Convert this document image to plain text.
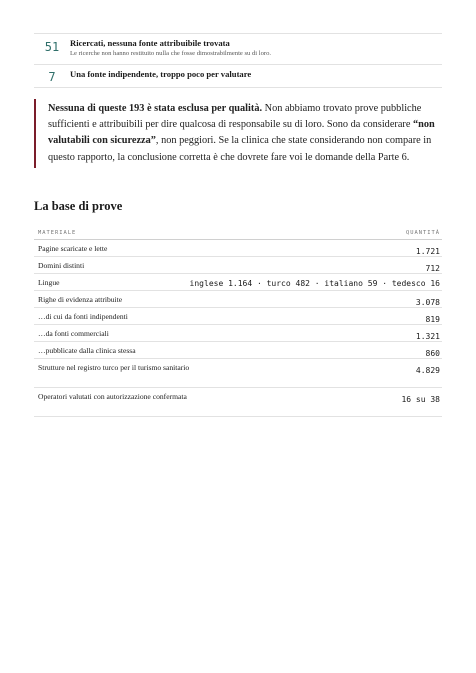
51	Ricercati, nessuna fonte attribuibile trovata
Le ricerche non hanno restituito nulla che fosse dimostrabilmente su di loro.
7	Una fonte indipendente, troppo poco per valutare
Nessuna di queste 193 è stata esclusa per qualità. Non abbiamo trovato prove pubbliche sufficienti e attribuibili per dire qualcosa di responsabile su di loro. Sono da considerare “non valutabili con sicurezza”, non peggiori. Se la clinica che state considerando non compare in questo rapporto, la conclusione corretta è che dovrete fare voi le domande della Parte 6.
La base di prove
MATERIALE	QUANTITÀ
Pagine scaricate e lette	1.721
Domini distinti	712
Lingue	inglese 1.164 · turco 482 · italiano 59 · tedesco 16
Righe di evidenza attribuite	3.078
…di cui da fonti indipendenti	819
…da fonti commerciali	1.321
…pubblicate dalla clinica stessa	860
Strutture nel registro turco per il turismo sanitario	4.829
Operatori valutati con autorizzazione confermata	16 su 38
